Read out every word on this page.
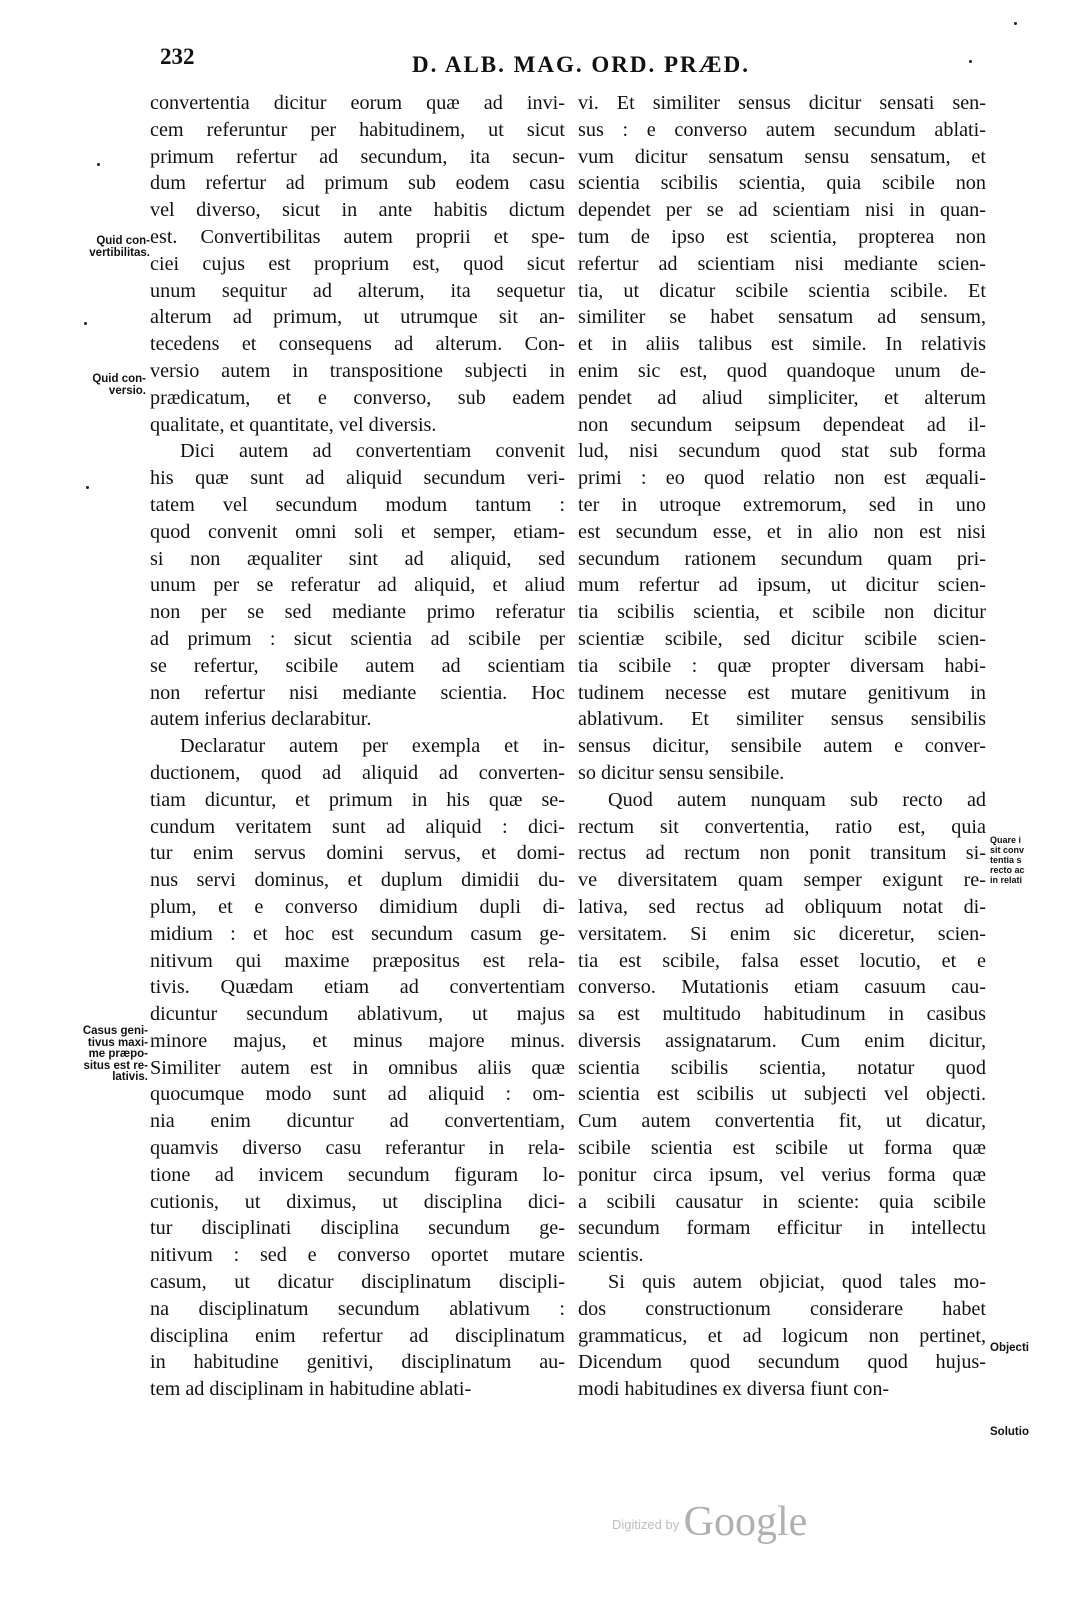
232	D. ALB. MAG. ORD. PRÆD.

convertentia dicitur eorum quæ ad invi-
cem referuntur per habitudinem, ut sicut
primum refertur ad secundum, ita secun-
dum refertur ad primum sub eodem casu
vel diverso, sicut in ante habitis dictum
est. Convertibilitas autem proprii et spe-
ciei cujus est proprium est, quod sicut
unum sequitur ad alterum, ita sequetur
alterum ad primum, ut utrumque sit an-
tecedens et consequens ad alterum. Con-
versio autem in transpositione subjecti in
prædicatum, et e converso, sub eadem
qualitate, et quantitate, vel diversis.

Dici autem ad convertentiam convenit
his quæ sunt ad aliquid secundum veri-
tatem vel secundum modum tantum :
quod convenit omni soli et semper, etiam-
si non æqualiter sint ad aliquid, sed
unum per se referatur ad aliquid, et aliud
non per se sed mediante primo referatur
ad primum : sicut scientia ad scibile per
se refertur, scibile autem ad scientiam
non refertur nisi mediante scientia. Hoc
autem inferius declarabitur.

Declaratur autem per exempla et in-
ductionem, quod ad aliquid ad converten-
tiam dicuntur, et primum in his quæ se-
cundum veritatem sunt ad aliquid : dici-
tur enim servus domini servus, et domi-
nus servi dominus, et duplum dimidii du-
plum, et e converso dimidium dupli di-
midium : et hoc est secundum casum ge-
nitivum qui maxime præpositus est rela-
tivis. Quædam etiam ad convertentiam
dicuntur secundum ablativum, ut majus
minore majus, et minus majore minus.
Similiter autem est in omnibus aliis quæ
quocumque modo sunt ad aliquid : om-
nia enim dicuntur ad convertentiam,
quamvis diverso casu referantur in rela-
tione ad invicem secundum figuram lo-
cutionis, ut diximus, ut disciplina dici-
tur disciplinati disciplina secundum ge-
nitivum : sed e converso oportet mutare
casum, ut dicatur disciplinatum discipli-
na disciplinatum secundum ablativum :
disciplina enim refertur ad disciplinatum
in habitudine genitivi, disciplinatum au-
tem ad disciplinam in habitudine ablati-

vi. Et similiter sensus dicitur sensati sen-
sus : e converso autem secundum ablati-
vum dicitur sensatum sensu sensatum, et
scientia scibilis scientia, quia scibile non
dependet per se ad scientiam nisi in quan-
tum de ipso est scientia, propterea non
refertur ad scientiam nisi mediante scien-
tia, ut dicatur scibile scientia scibile. Et
similiter se habet sensatum ad sensum,
et in aliis talibus est simile. In relativis
enim sic est, quod quandoque unum de-
pendet ad aliud simpliciter, et alterum
non secundum seipsum dependeat ad il-
lud, nisi secundum quod stat sub forma
primi : eo quod relatio non est æquali-
ter in utroque extremorum, sed in uno
est secundum esse, et in alio non est nisi
secundum rationem secundum quam pri-
mum refertur ad ipsum, ut dicitur scien-
tia scibilis scientia, et scibile non dicitur
scientiæ scibile, sed dicitur scibile scien-
tia scibile : quæ propter diversam habi-
tudinem necesse est mutare genitivum in
ablativum. Et similiter sensus sensibilis
sensus dicitur, sensibile autem e conver-
so dicitur sensu sensibile.

Quod autem nunquam sub recto ad
rectum sit convertentia, ratio est, quia
rectus ad rectum non ponit transitum si-
ve diversitatem quam semper exigunt re-
lativa, sed rectus ad obliquum notat di-
versitatem. Si enim sic diceretur, scien-
tia est scibile, falsa esset locutio, et e
converso. Mutationis etiam casuum cau-
sa est multitudo habitudinum in casibus
diversis assignatarum. Cum enim dicitur,
scientia scibilis scientia, notatur quod
scientia est scibilis ut subjecti vel objecti.
Cum autem convertentia fit, ut dicatur,
scibile scientia est scibile ut forma quæ
ponitur circa ipsum, vel verius forma quæ
a scibili causatur in sciente: quia scibile
secundum formam efficitur in intellectu
scientis.

Si quis autem objiciat, quod tales mo-
dos constructionum considerare habet
grammaticus, et ad logicum non pertinet,
Dicendum quod secundum quod hujus-
modi habitudines ex diversa fiunt con-

Quid con-
vertibilitas.
Quid con-
versio.
Casus geni-
tivus maxi-
me præpo-
situs est re-
lativis.
Quare i
sit conv
tentia s
recto ac
in relati
Objecti
Solutio
$^{Digitized by}$ Google
